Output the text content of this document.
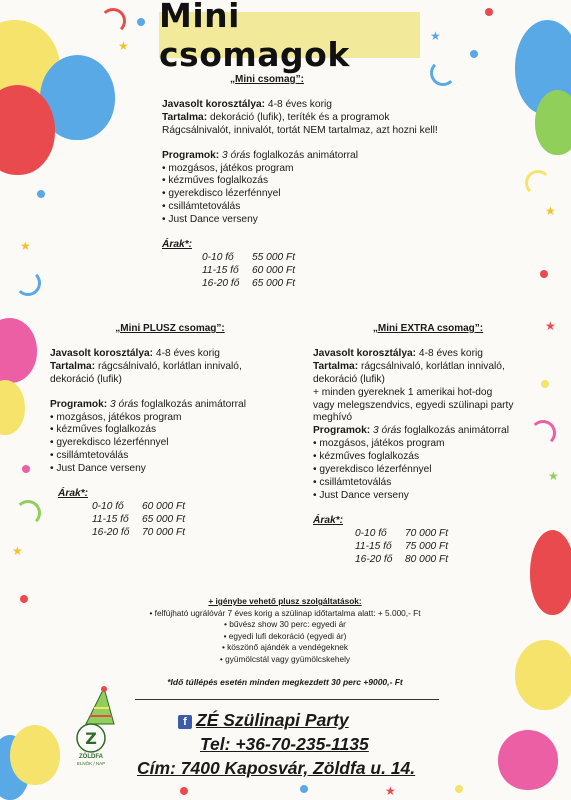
★
★
★
★
★
★
★
★
Mini csomagok
„Mini csomag”:
Javasolt korosztálya: 4-8 éves korig
Tartalma: dekoráció (lufik), teríték és a programok
Rágcsálnivalót, innivalót, tortát NEM tartalmaz, azt hozni kell!
Programok: 3 órás foglalkozás animátorral
• mozgásos, játékos program
• kézműves foglalkozás
• gyerekdisco lézerfénnyel
• csillámtetoválás
• Just Dance verseny
Árak*:
0-10 fő	55 000 Ft
11-15 fő	60 000 Ft
16-20 fő	65 000 Ft
„Mini PLUSZ csomag”:
Javasolt korosztálya: 4-8 éves korig
Tartalma: rágcsálnivaló, korlátlan innivaló,
dekoráció (lufik)
Programok: 3 órás foglalkozás animátorral
• mozgásos, játékos program
• kézműves foglalkozás
• gyerekdisco lézerfénnyel
• csillámtetoválás
• Just Dance verseny
Árak*:
0-10 fő	60 000 Ft
11-15 fő	65 000 Ft
16-20 fő	70 000 Ft
„Mini EXTRA csomag”:
Javasolt korosztálya: 4-8 éves korig
Tartalma: rágcsálnivaló, korlátlan innivaló,
dekoráció (lufik)
+ minden gyereknek 1 amerikai hot-dog
vagy melegszendvics, egyedi szülinapi party
meghívó
Programok: 3 órás foglalkozás animátorral
• mozgásos, játékos program
• kézműves foglalkozás
• gyerekdisco lézerfénnyel
• csillámtetoválás
• Just Dance verseny
Árak*:
0-10 fő	70 000 Ft
11-15 fő	75 000 Ft
16-20 fő	80 000 Ft
+ igénybe vehető plusz szolgáltatások:
• felfújható ugrálóvár 7 éves korig a szülinap időtartalma alatt: + 5.000,- Ft
• bűvész show 30 perc: egyedi ár
• egyedi lufi dekoráció (egyedi ár)
• köszönő ajándék a vendégeknek
• gyümölcstál vagy gyümölcskehely
*Idő túllépés esetén minden megkezdett 30 perc +9000,- Ft
Z
ZÖLDFA
ELNÖK / NAP
f ZÉ Szülinapi Party
Tel: +36-70-235-1135
Cím: 7400 Kaposvár, Zöldfa u. 14.
